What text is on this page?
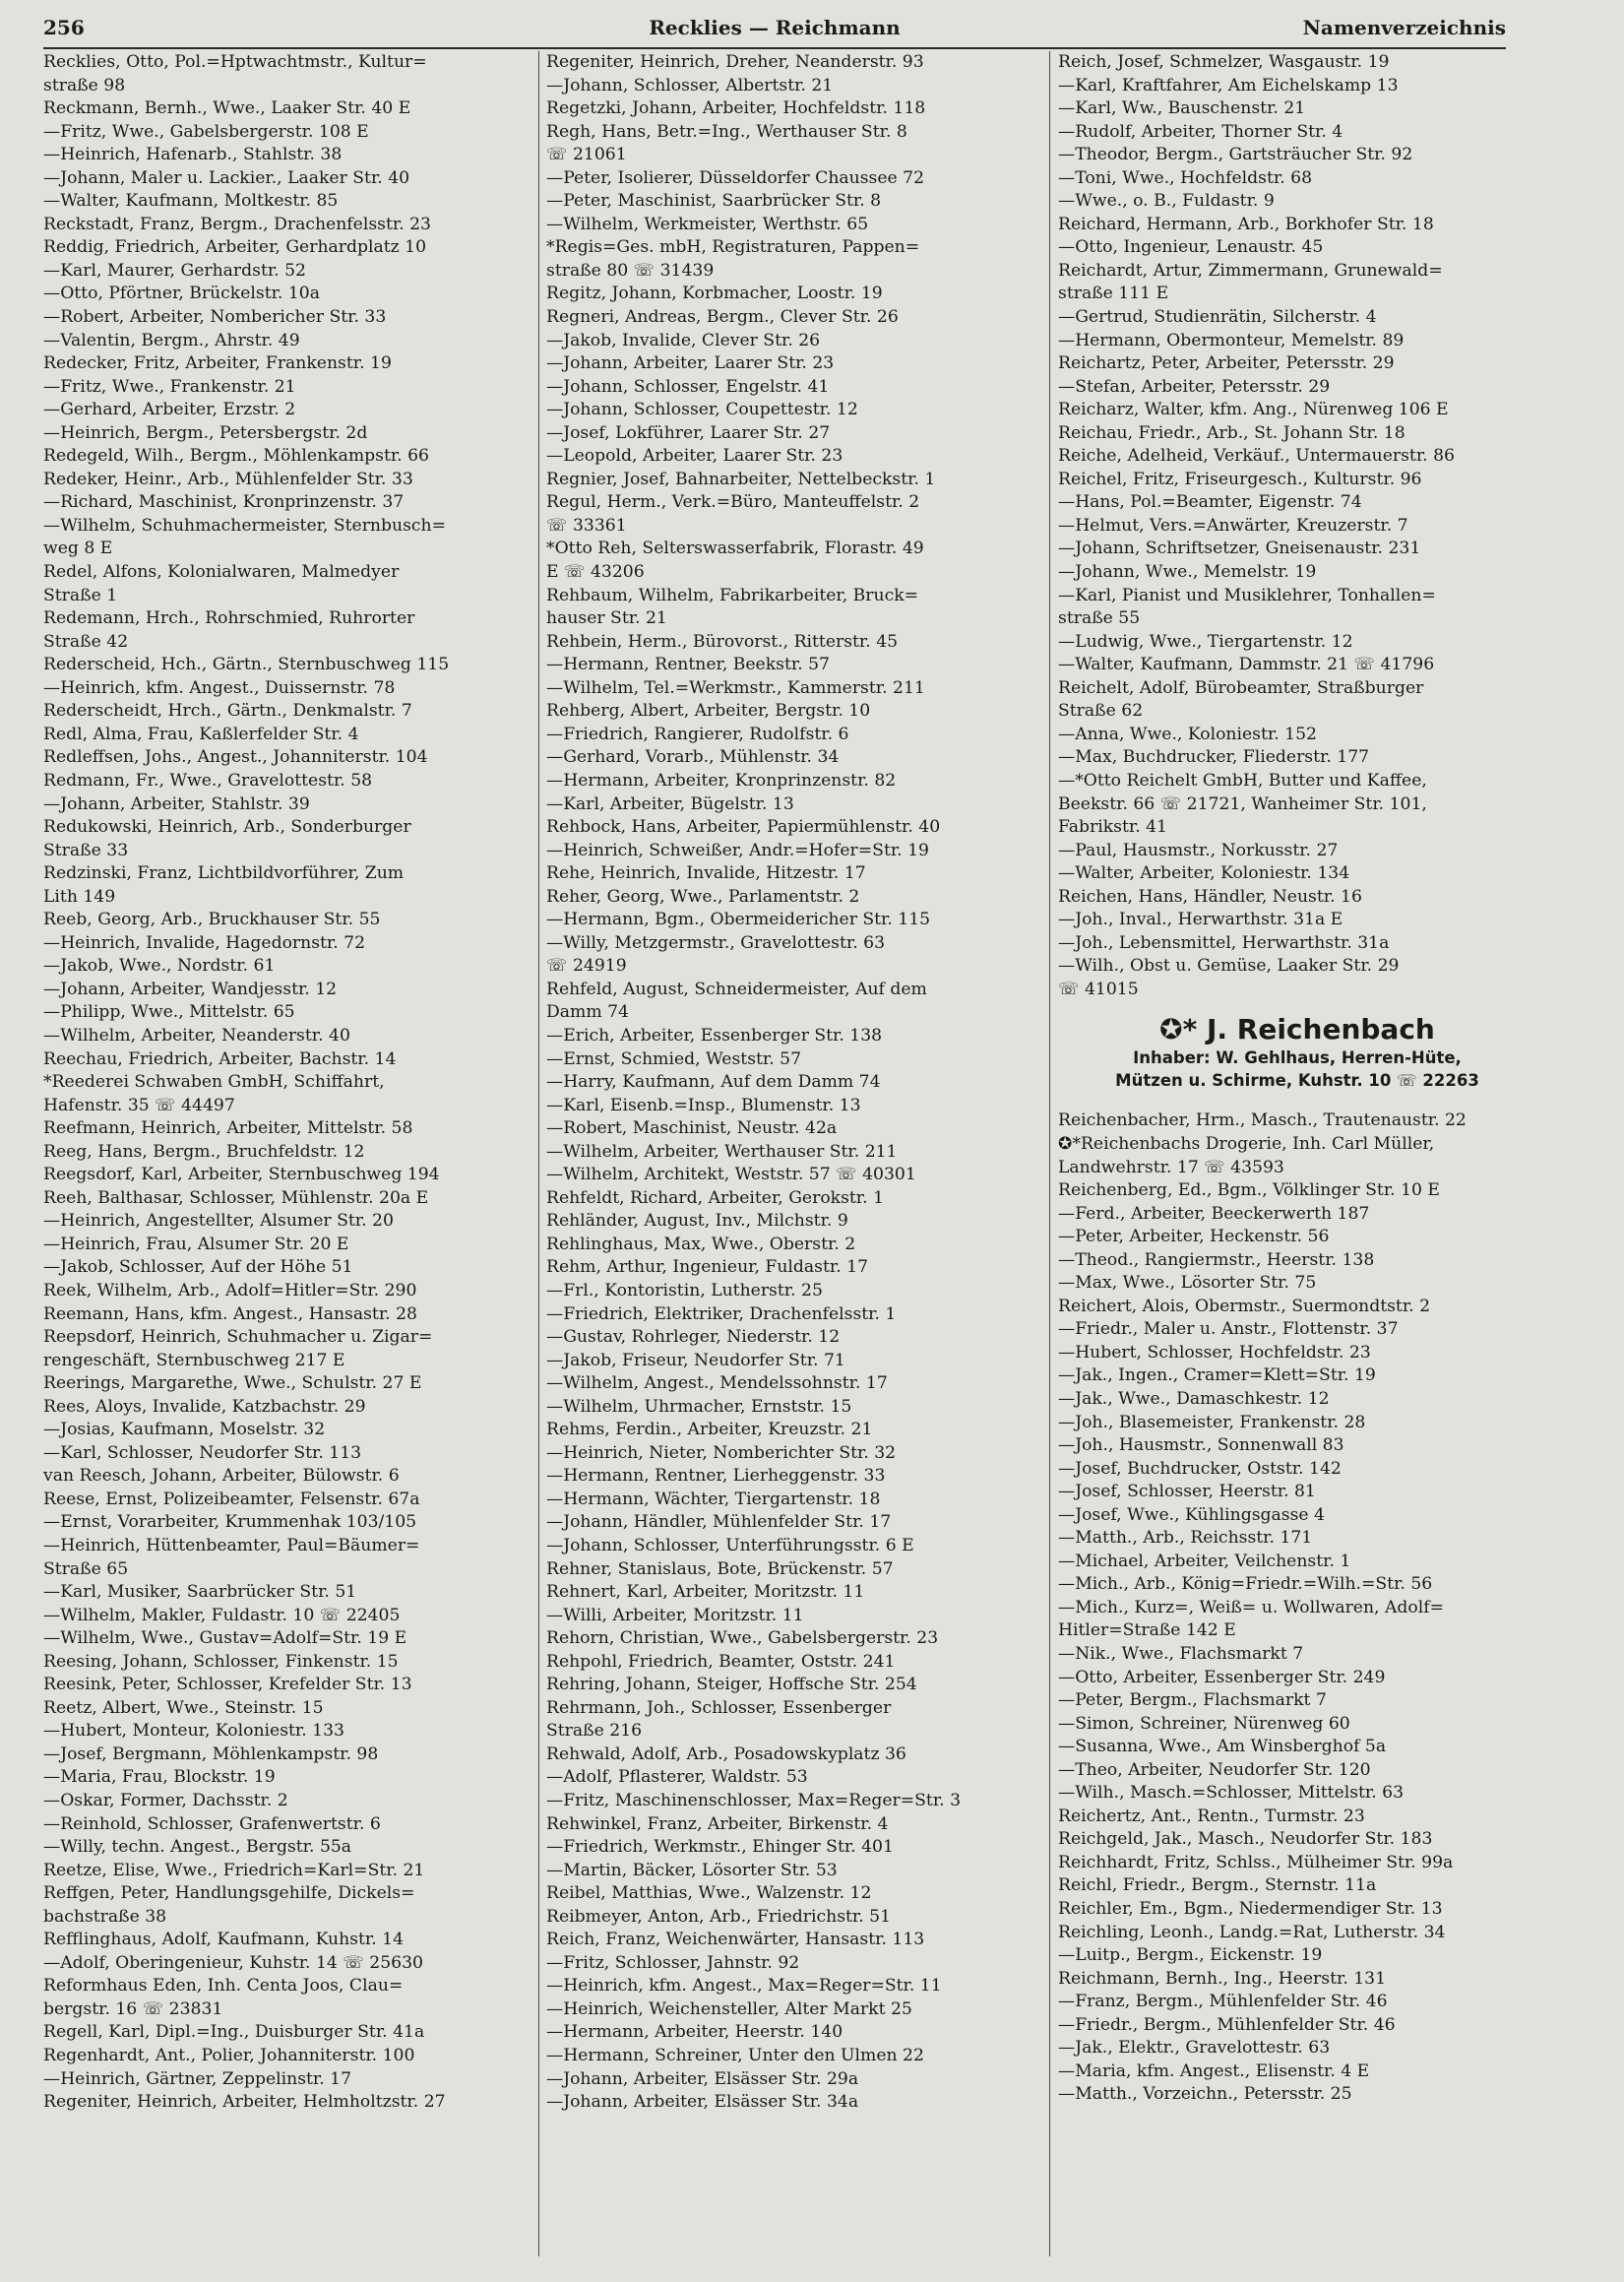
256	Recklies — Reichmann	Namenverzeichnis
Recklies, Otto, Pol.=Hptwachtmstr., Kultur=
straße 98
Reckmann, Bernh., Wwe., Laaker Str. 40 E
—Fritz, Wwe., Gabelsbergerstr. 108 E
—Heinrich, Hafenarb., Stahlstr. 38
—Johann, Maler u. Lackier., Laaker Str. 40
—Walter, Kaufmann, Moltkestr. 85
Reckstadt, Franz, Bergm., Drachenfelsstr. 23
Reddig, Friedrich, Arbeiter, Gerhardplatz 10
—Karl, Maurer, Gerhardstr. 52
—Otto, Pförtner, Brückelstr. 10a
—Robert, Arbeiter, Nombericher Str. 33
—Valentin, Bergm., Ahrstr. 49
Redecker, Fritz, Arbeiter, Frankenstr. 19
—Fritz, Wwe., Frankenstr. 21
—Gerhard, Arbeiter, Erzstr. 2
—Heinrich, Bergm., Petersbergstr. 2d
Redegeld, Wilh., Bergm., Möhlenkampstr. 66
Redeker, Heinr., Arb., Mühlenfelder Str. 33
—Richard, Maschinist, Kronprinzenstr. 37
—Wilhelm, Schuhmachermeister, Sternbusch=
weg 8 E
Redel, Alfons, Kolonialwaren, Malmedyer
Straße 1
Redemann, Hrch., Rohrschmied, Ruhrorter
Straße 42
Rederscheid, Hch., Gärtn., Sternbuschweg 115
—Heinrich, kfm. Angest., Duissernstr. 78
Rederscheidt, Hrch., Gärtn., Denkmalstr. 7
Redl, Alma, Frau, Kaßlerfelder Str. 4
Redleffsen, Johs., Angest., Johanniterstr. 104
Redmann, Fr., Wwe., Gravelottestr. 58
—Johann, Arbeiter, Stahlstr. 39
Redukowski, Heinrich, Arb., Sonderburger
Straße 33
Redzinski, Franz, Lichtbildvorführer, Zum
Lith 149
Reeb, Georg, Arb., Bruckhauser Str. 55
—Heinrich, Invalide, Hagedornstr. 72
—Jakob, Wwe., Nordstr. 61
—Johann, Arbeiter, Wandjesstr. 12
—Philipp, Wwe., Mittelstr. 65
—Wilhelm, Arbeiter, Neanderstr. 40
Reechau, Friedrich, Arbeiter, Bachstr. 14
*Reederei Schwaben GmbH, Schiffahrt,
Hafenstr. 35 ☏ 44497
Reefmann, Heinrich, Arbeiter, Mittelstr. 58
Reeg, Hans, Bergm., Bruchfeldstr. 12
Reegsdorf, Karl, Arbeiter, Sternbuschweg 194
Reeh, Balthasar, Schlosser, Mühlenstr. 20a E
—Heinrich, Angestellter, Alsumer Str. 20
—Heinrich, Frau, Alsumer Str. 20 E
—Jakob, Schlosser, Auf der Höhe 51
Reek, Wilhelm, Arb., Adolf=Hitler=Str. 290
Reemann, Hans, kfm. Angest., Hansastr. 28
Reepsdorf, Heinrich, Schuhmacher u. Zigar=
rengeschäft, Sternbuschweg 217 E
Reerings, Margarethe, Wwe., Schulstr. 27 E
Rees, Aloys, Invalide, Katzbachstr. 29
—Josias, Kaufmann, Moselstr. 32
—Karl, Schlosser, Neudorfer Str. 113
van Reesch, Johann, Arbeiter, Bülowstr. 6
Reese, Ernst, Polizeibeamter, Felsenstr. 67a
—Ernst, Vorarbeiter, Krummenhak 103/105
—Heinrich, Hüttenbeamter, Paul=Bäumer=
Straße 65
—Karl, Musiker, Saarbrücker Str. 51
—Wilhelm, Makler, Fuldastr. 10 ☏ 22405
—Wilhelm, Wwe., Gustav=Adolf=Str. 19 E
Reesing, Johann, Schlosser, Finkenstr. 15
Reesink, Peter, Schlosser, Krefelder Str. 13
Reetz, Albert, Wwe., Steinstr. 15
—Hubert, Monteur, Koloniestr. 133
—Josef, Bergmann, Möhlenkampstr. 98
—Maria, Frau, Blockstr. 19
—Oskar, Former, Dachsstr. 2
—Reinhold, Schlosser, Grafenwertstr. 6
—Willy, techn. Angest., Bergstr. 55a
Reetze, Elise, Wwe., Friedrich=Karl=Str. 21
Reffgen, Peter, Handlungsgehilfe, Dickels=
bachstraße 38
Refflinghaus, Adolf, Kaufmann, Kuhstr. 14
—Adolf, Oberingenieur, Kuhstr. 14 ☏ 25630
Reformhaus Eden, Inh. Centa Joos, Clau=
bergstr. 16 ☏ 23831
Regell, Karl, Dipl.=Ing., Duisburger Str. 41a
Regenhardt, Ant., Polier, Johanniterstr. 100
—Heinrich, Gärtner, Zeppelinstr. 17
Regeniter, Heinrich, Arbeiter, Helmholtzstr. 27
Regeniter, Heinrich, Dreher, Neanderstr. 93
—Johann, Schlosser, Albertstr. 21
Regetzki, Johann, Arbeiter, Hochfeldstr. 118
Regh, Hans, Betr.=Ing., Werthauser Str. 8
☏ 21061
—Peter, Isolierer, Düsseldorfer Chaussee 72
—Peter, Maschinist, Saarbrücker Str. 8
—Wilhelm, Werkmeister, Werthstr. 65
*Regis=Ges. mbH, Registraturen, Pappen=
straße 80 ☏ 31439
Regitz, Johann, Korbmacher, Loostr. 19
Regneri, Andreas, Bergm., Clever Str. 26
—Jakob, Invalide, Clever Str. 26
—Johann, Arbeiter, Laarer Str. 23
—Johann, Schlosser, Engelstr. 41
—Johann, Schlosser, Coupettestr. 12
—Josef, Lokführer, Laarer Str. 27
—Leopold, Arbeiter, Laarer Str. 23
Regnier, Josef, Bahnarbeiter, Nettelbeckstr. 1
Regul, Herm., Verk.=Büro, Manteuffelstr. 2
☏ 33361
*Otto Reh, Selterswasserfabrik, Florastr. 49
E ☏ 43206
Rehbaum, Wilhelm, Fabrikarbeiter, Bruck=
hauser Str. 21
Rehbein, Herm., Bürovorst., Ritterstr. 45
—Hermann, Rentner, Beekstr. 57
—Wilhelm, Tel.=Werkmstr., Kammerstr. 211
Rehberg, Albert, Arbeiter, Bergstr. 10
—Friedrich, Rangierer, Rudolfstr. 6
—Gerhard, Vorarb., Mühlenstr. 34
—Hermann, Arbeiter, Kronprinzenstr. 82
—Karl, Arbeiter, Bügelstr. 13
Rehbock, Hans, Arbeiter, Papiermühlenstr. 40
—Heinrich, Schweißer, Andr.=Hofer=Str. 19
Rehe, Heinrich, Invalide, Hitzestr. 17
Reher, Georg, Wwe., Parlamentstr. 2
—Hermann, Bgm., Obermeidericher Str. 115
—Willy, Metzgermstr., Gravelottestr. 63
☏ 24919
Rehfeld, August, Schneidermeister, Auf dem
Damm 74
—Erich, Arbeiter, Essenberger Str. 138
—Ernst, Schmied, Weststr. 57
—Harry, Kaufmann, Auf dem Damm 74
—Karl, Eisenb.=Insp., Blumenstr. 13
—Robert, Maschinist, Neustr. 42a
—Wilhelm, Arbeiter, Werthauser Str. 211
—Wilhelm, Architekt, Weststr. 57 ☏ 40301
Rehfeldt, Richard, Arbeiter, Gerokstr. 1
Rehländer, August, Inv., Milchstr. 9
Rehlinghaus, Max, Wwe., Oberstr. 2
Rehm, Arthur, Ingenieur, Fuldastr. 17
—Frl., Kontoristin, Lutherstr. 25
—Friedrich, Elektriker, Drachenfelsstr. 1
—Gustav, Rohrleger, Niederstr. 12
—Jakob, Friseur, Neudorfer Str. 71
—Wilhelm, Angest., Mendelssohnstr. 17
—Wilhelm, Uhrmacher, Ernststr. 15
Rehms, Ferdin., Arbeiter, Kreuzstr. 21
—Heinrich, Nieter, Nomberichter Str. 32
—Hermann, Rentner, Lierheggenstr. 33
—Hermann, Wächter, Tiergartenstr. 18
—Johann, Händler, Mühlenfelder Str. 17
—Johann, Schlosser, Unterführungsstr. 6 E
Rehner, Stanislaus, Bote, Brückenstr. 57
Rehnert, Karl, Arbeiter, Moritzstr. 11
—Willi, Arbeiter, Moritzstr. 11
Rehorn, Christian, Wwe., Gabelsbergerstr. 23
Rehpohl, Friedrich, Beamter, Oststr. 241
Rehring, Johann, Steiger, Hoffsche Str. 254
Rehrmann, Joh., Schlosser, Essenberger
Straße 216
Rehwald, Adolf, Arb., Posadowskyplatz 36
—Adolf, Pflasterer, Waldstr. 53
—Fritz, Maschinenschlosser, Max=Reger=Str. 3
Rehwinkel, Franz, Arbeiter, Birkenstr. 4
—Friedrich, Werkmstr., Ehinger Str. 401
—Martin, Bäcker, Lösorter Str. 53
Reibel, Matthias, Wwe., Walzenstr. 12
Reibmeyer, Anton, Arb., Friedrichstr. 51
Reich, Franz, Weichenwärter, Hansastr. 113
—Fritz, Schlosser, Jahnstr. 92
—Heinrich, kfm. Angest., Max=Reger=Str. 11
—Heinrich, Weichensteller, Alter Markt 25
—Hermann, Arbeiter, Heerstr. 140
—Hermann, Schreiner, Unter den Ulmen 22
—Johann, Arbeiter, Elsässer Str. 29a
—Johann, Arbeiter, Elsässer Str. 34a
Reich, Josef, Schmelzer, Wasgaustr. 19
—Karl, Kraftfahrer, Am Eichelskamp 13
—Karl, Ww., Bauschenstr. 21
—Rudolf, Arbeiter, Thorner Str. 4
—Theodor, Bergm., Gartsträucher Str. 92
—Toni, Wwe., Hochfeldstr. 68
—Wwe., o. B., Fuldastr. 9
Reichard, Hermann, Arb., Borkhofer Str. 18
—Otto, Ingenieur, Lenaustr. 45
Reichardt, Artur, Zimmermann, Grunewald=
straße 111 E
—Gertrud, Studienrätin, Silcherstr. 4
—Hermann, Obermonteur, Memelstr. 89
Reichartz, Peter, Arbeiter, Petersstr. 29
—Stefan, Arbeiter, Petersstr. 29
Reicharz, Walter, kfm. Ang., Nürenweg 106 E
Reichau, Friedr., Arb., St. Johann Str. 18
Reiche, Adelheid, Verkäuf., Untermauerstr. 86
Reichel, Fritz, Friseurgesch., Kulturstr. 96
—Hans, Pol.=Beamter, Eigenstr. 74
—Helmut, Vers.=Anwärter, Kreuzerstr. 7
—Johann, Schriftsetzer, Gneisenaustr. 231
—Johann, Wwe., Memelstr. 19
—Karl, Pianist und Musiklehrer, Tonhallen=
straße 55
—Ludwig, Wwe., Tiergartenstr. 12
—Walter, Kaufmann, Dammstr. 21 ☏ 41796
Reichelt, Adolf, Bürobeamter, Straßburger
Straße 62
—Anna, Wwe., Koloniestr. 152
—Max, Buchdrucker, Fliederstr. 177
—*Otto Reichelt GmbH, Butter und Kaffee,
Beekstr. 66 ☏ 21721, Wanheimer Str. 101,
Fabrikstr. 41
—Paul, Hausmstr., Norkusstr. 27
—Walter, Arbeiter, Koloniestr. 134
Reichen, Hans, Händler, Neustr. 16
—Joh., Inval., Herwarthstr. 31a E
—Joh., Lebensmittel, Herwarthstr. 31a
—Wilh., Obst u. Gemüse, Laaker Str. 29
☏ 41015
✪* J. Reichenbach
Inhaber: W. Gehlhaus, Herren-Hüte,
Mützen u. Schirme, Kuhstr. 10 ☏ 22263
Reichenbacher, Hrm., Masch., Trautenaustr. 22
✪*Reichenbachs Drogerie, Inh. Carl Müller,
Landwehrstr. 17 ☏ 43593
Reichenberg, Ed., Bgm., Völklinger Str. 10 E
—Ferd., Arbeiter, Beeckerwerth 187
—Peter, Arbeiter, Heckenstr. 56
—Theod., Rangiermstr., Heerstr. 138
—Max, Wwe., Lösorter Str. 75
Reichert, Alois, Obermstr., Suermondtstr. 2
—Friedr., Maler u. Anstr., Flottenstr. 37
—Hubert, Schlosser, Hochfeldstr. 23
—Jak., Ingen., Cramer=Klett=Str. 19
—Jak., Wwe., Damaschkestr. 12
—Joh., Blasemeister, Frankenstr. 28
—Joh., Hausmstr., Sonnenwall 83
—Josef, Buchdrucker, Oststr. 142
—Josef, Schlosser, Heerstr. 81
—Josef, Wwe., Kühlingsgasse 4
—Matth., Arb., Reichsstr. 171
—Michael, Arbeiter, Veilchenstr. 1
—Mich., Arb., König=Friedr.=Wilh.=Str. 56
—Mich., Kurz=, Weiß= u. Wollwaren, Adolf=
Hitler=Straße 142 E
—Nik., Wwe., Flachsmarkt 7
—Otto, Arbeiter, Essenberger Str. 249
—Peter, Bergm., Flachsmarkt 7
—Simon, Schreiner, Nürenweg 60
—Susanna, Wwe., Am Winsberghof 5a
—Theo, Arbeiter, Neudorfer Str. 120
—Wilh., Masch.=Schlosser, Mittelstr. 63
Reichertz, Ant., Rentn., Turmstr. 23
Reichgeld, Jak., Masch., Neudorfer Str. 183
Reichhardt, Fritz, Schlss., Mülheimer Str. 99a
Reichl, Friedr., Bergm., Sternstr. 11a
Reichler, Em., Bgm., Niedermendiger Str. 13
Reichling, Leonh., Landg.=Rat, Lutherstr. 34
—Luitp., Bergm., Eickenstr. 19
Reichmann, Bernh., Ing., Heerstr. 131
—Franz, Bergm., Mühlenfelder Str. 46
—Friedr., Bergm., Mühlenfelder Str. 46
—Jak., Elektr., Gravelottestr. 63
—Maria, kfm. Angest., Elisenstr. 4 E
—Matth., Vorzeichn., Petersstr. 25
